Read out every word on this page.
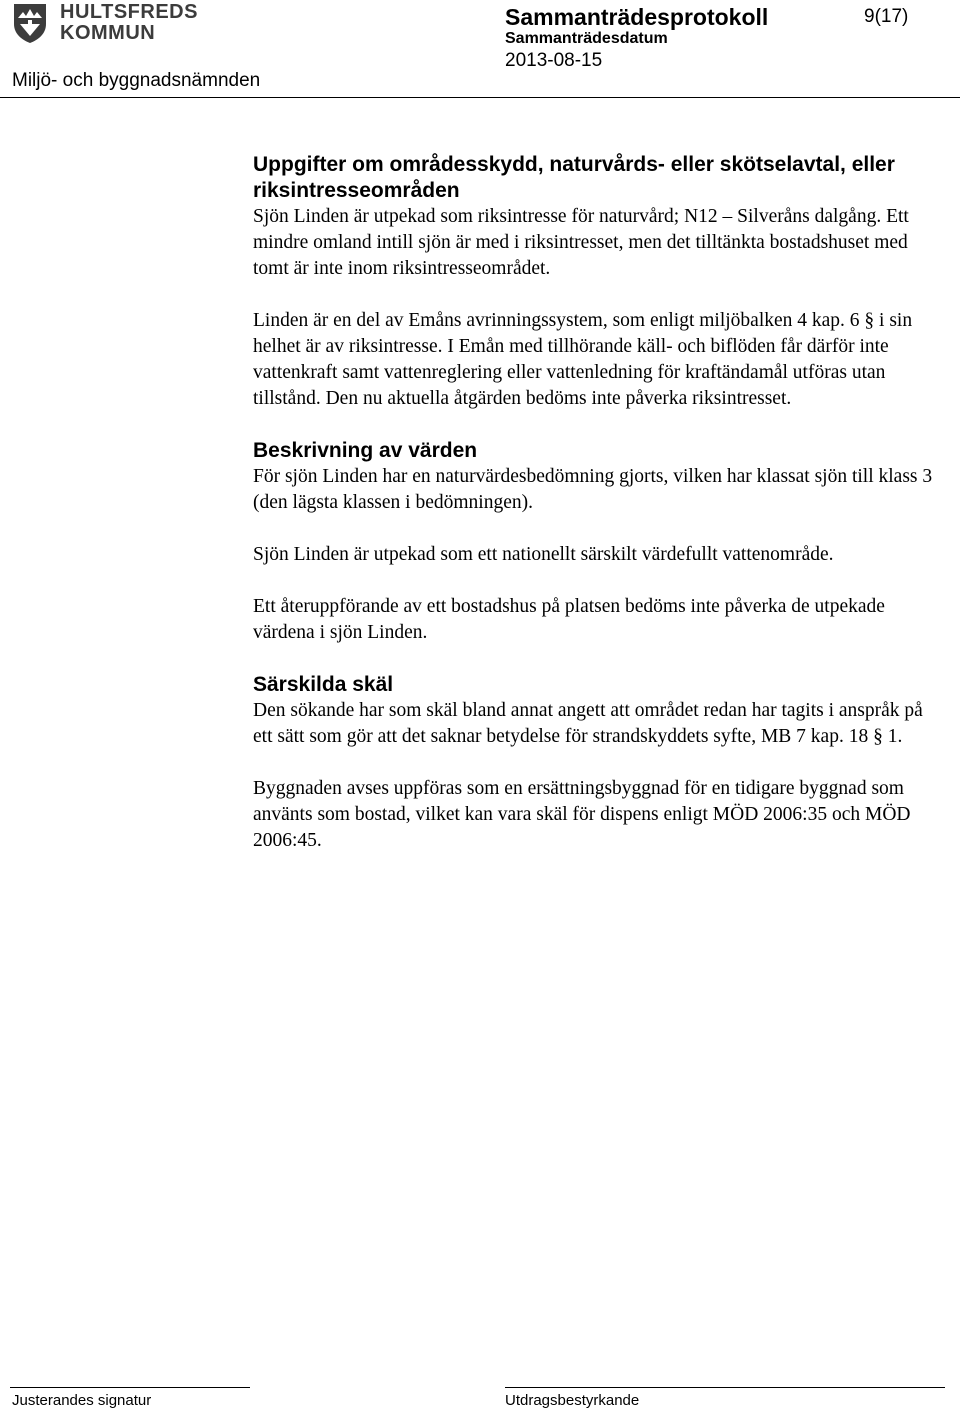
HULTSFREDS
KOMMUN
Miljö- och byggnadsnämnden
Sammanträdesprotokoll
Sammanträdesdatum
2013-08-15
9(17)
Uppgifter om områdesskydd, naturvårds- eller skötselavtal, eller riksintresseområden

Sjön Linden är utpekad som riksintresse för naturvård; N12 – Silveråns dalgång. Ett mindre omland intill sjön är med i riksintresset, men det tilltänkta bostadshuset med tomt är inte inom riksintresseområdet.

Linden är en del av Emåns avrinningssystem, som enligt miljöbalken 4 kap. 6 § i sin helhet är av riksintresse. I Emån med tillhörande käll- och biflöden får därför inte vattenkraft samt vattenreglering eller vattenledning för kraftändamål utföras utan tillstånd. Den nu aktuella åtgärden bedöms inte påverka riksintresset.

Beskrivning av värden

För sjön Linden har en naturvärdesbedömning gjorts, vilken har klassat sjön till klass 3 (den lägsta klassen i bedömningen).

Sjön Linden är utpekad som ett nationellt särskilt värdefullt vattenområde.

Ett återuppförande av ett bostadshus på platsen bedöms inte påverka de utpekade värdena i sjön Linden.

Särskilda skäl

Den sökande har som skäl bland annat angett att området redan har tagits i anspråk på ett sätt som gör att det saknar betydelse för strandskyddets syfte, MB 7 kap. 18 § 1.

Byggnaden avses uppföras som en ersättningsbyggnad för en tidigare byggnad som använts som bostad, vilket kan vara skäl för dispens enligt MÖD 2006:35 och MÖD 2006:45.

Justerandes signatur	Utdragsbestyrkande
